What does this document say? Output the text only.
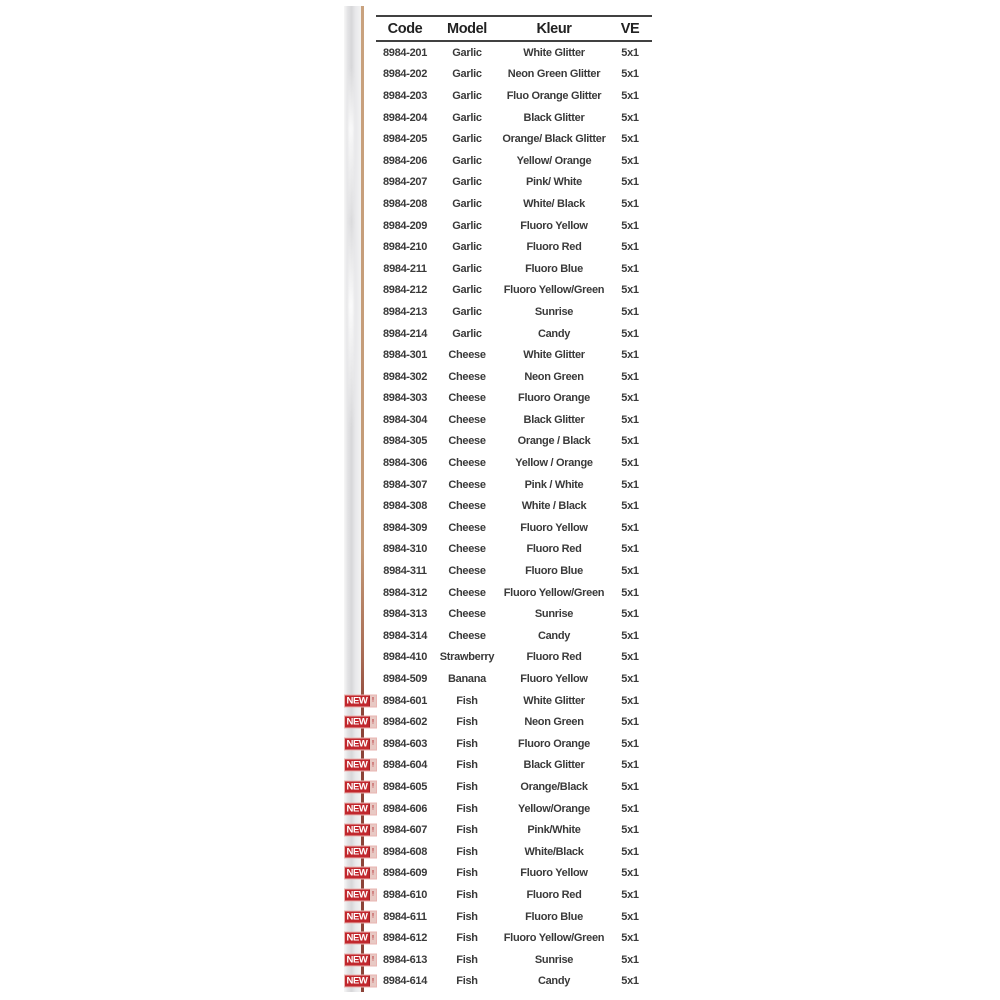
Code	Model	Kleur	VE
8984-201	Garlic	White Glitter	5x1
8984-202	Garlic	Neon Green Glitter	5x1
8984-203	Garlic	Fluo Orange Glitter	5x1
8984-204	Garlic	Black Glitter	5x1
8984-205	Garlic	Orange/ Black Glitter	5x1
8984-206	Garlic	Yellow/ Orange	5x1
8984-207	Garlic	Pink/ White	5x1
8984-208	Garlic	White/ Black	5x1
8984-209	Garlic	Fluoro Yellow	5x1
8984-210	Garlic	Fluoro Red	5x1
8984-211	Garlic	Fluoro Blue	5x1
8984-212	Garlic	Fluoro Yellow/Green	5x1
8984-213	Garlic	Sunrise	5x1
8984-214	Garlic	Candy	5x1
8984-301	Cheese	White Glitter	5x1
8984-302	Cheese	Neon Green	5x1
8984-303	Cheese	Fluoro Orange	5x1
8984-304	Cheese	Black Glitter	5x1
8984-305	Cheese	Orange / Black	5x1
8984-306	Cheese	Yellow / Orange	5x1
8984-307	Cheese	Pink / White	5x1
8984-308	Cheese	White / Black	5x1
8984-309	Cheese	Fluoro Yellow	5x1
8984-310	Cheese	Fluoro Red	5x1
8984-311	Cheese	Fluoro Blue	5x1
8984-312	Cheese	Fluoro Yellow/Green	5x1
8984-313	Cheese	Sunrise	5x1
8984-314	Cheese	Candy	5x1
8984-410	Strawberry	Fluoro Red	5x1
8984-509	Banana	Fluoro Yellow	5x1
NEW ! 8984-601	Fish	White Glitter	5x1
NEW ! 8984-602	Fish	Neon Green	5x1
NEW ! 8984-603	Fish	Fluoro Orange	5x1
NEW ! 8984-604	Fish	Black Glitter	5x1
NEW ! 8984-605	Fish	Orange/Black	5x1
NEW ! 8984-606	Fish	Yellow/Orange	5x1
NEW ! 8984-607	Fish	Pink/White	5x1
NEW ! 8984-608	Fish	White/Black	5x1
NEW ! 8984-609	Fish	Fluoro Yellow	5x1
NEW ! 8984-610	Fish	Fluoro Red	5x1
NEW ! 8984-611	Fish	Fluoro Blue	5x1
NEW ! 8984-612	Fish	Fluoro Yellow/Green	5x1
NEW ! 8984-613	Fish	Sunrise	5x1
NEW ! 8984-614	Fish	Candy	5x1
